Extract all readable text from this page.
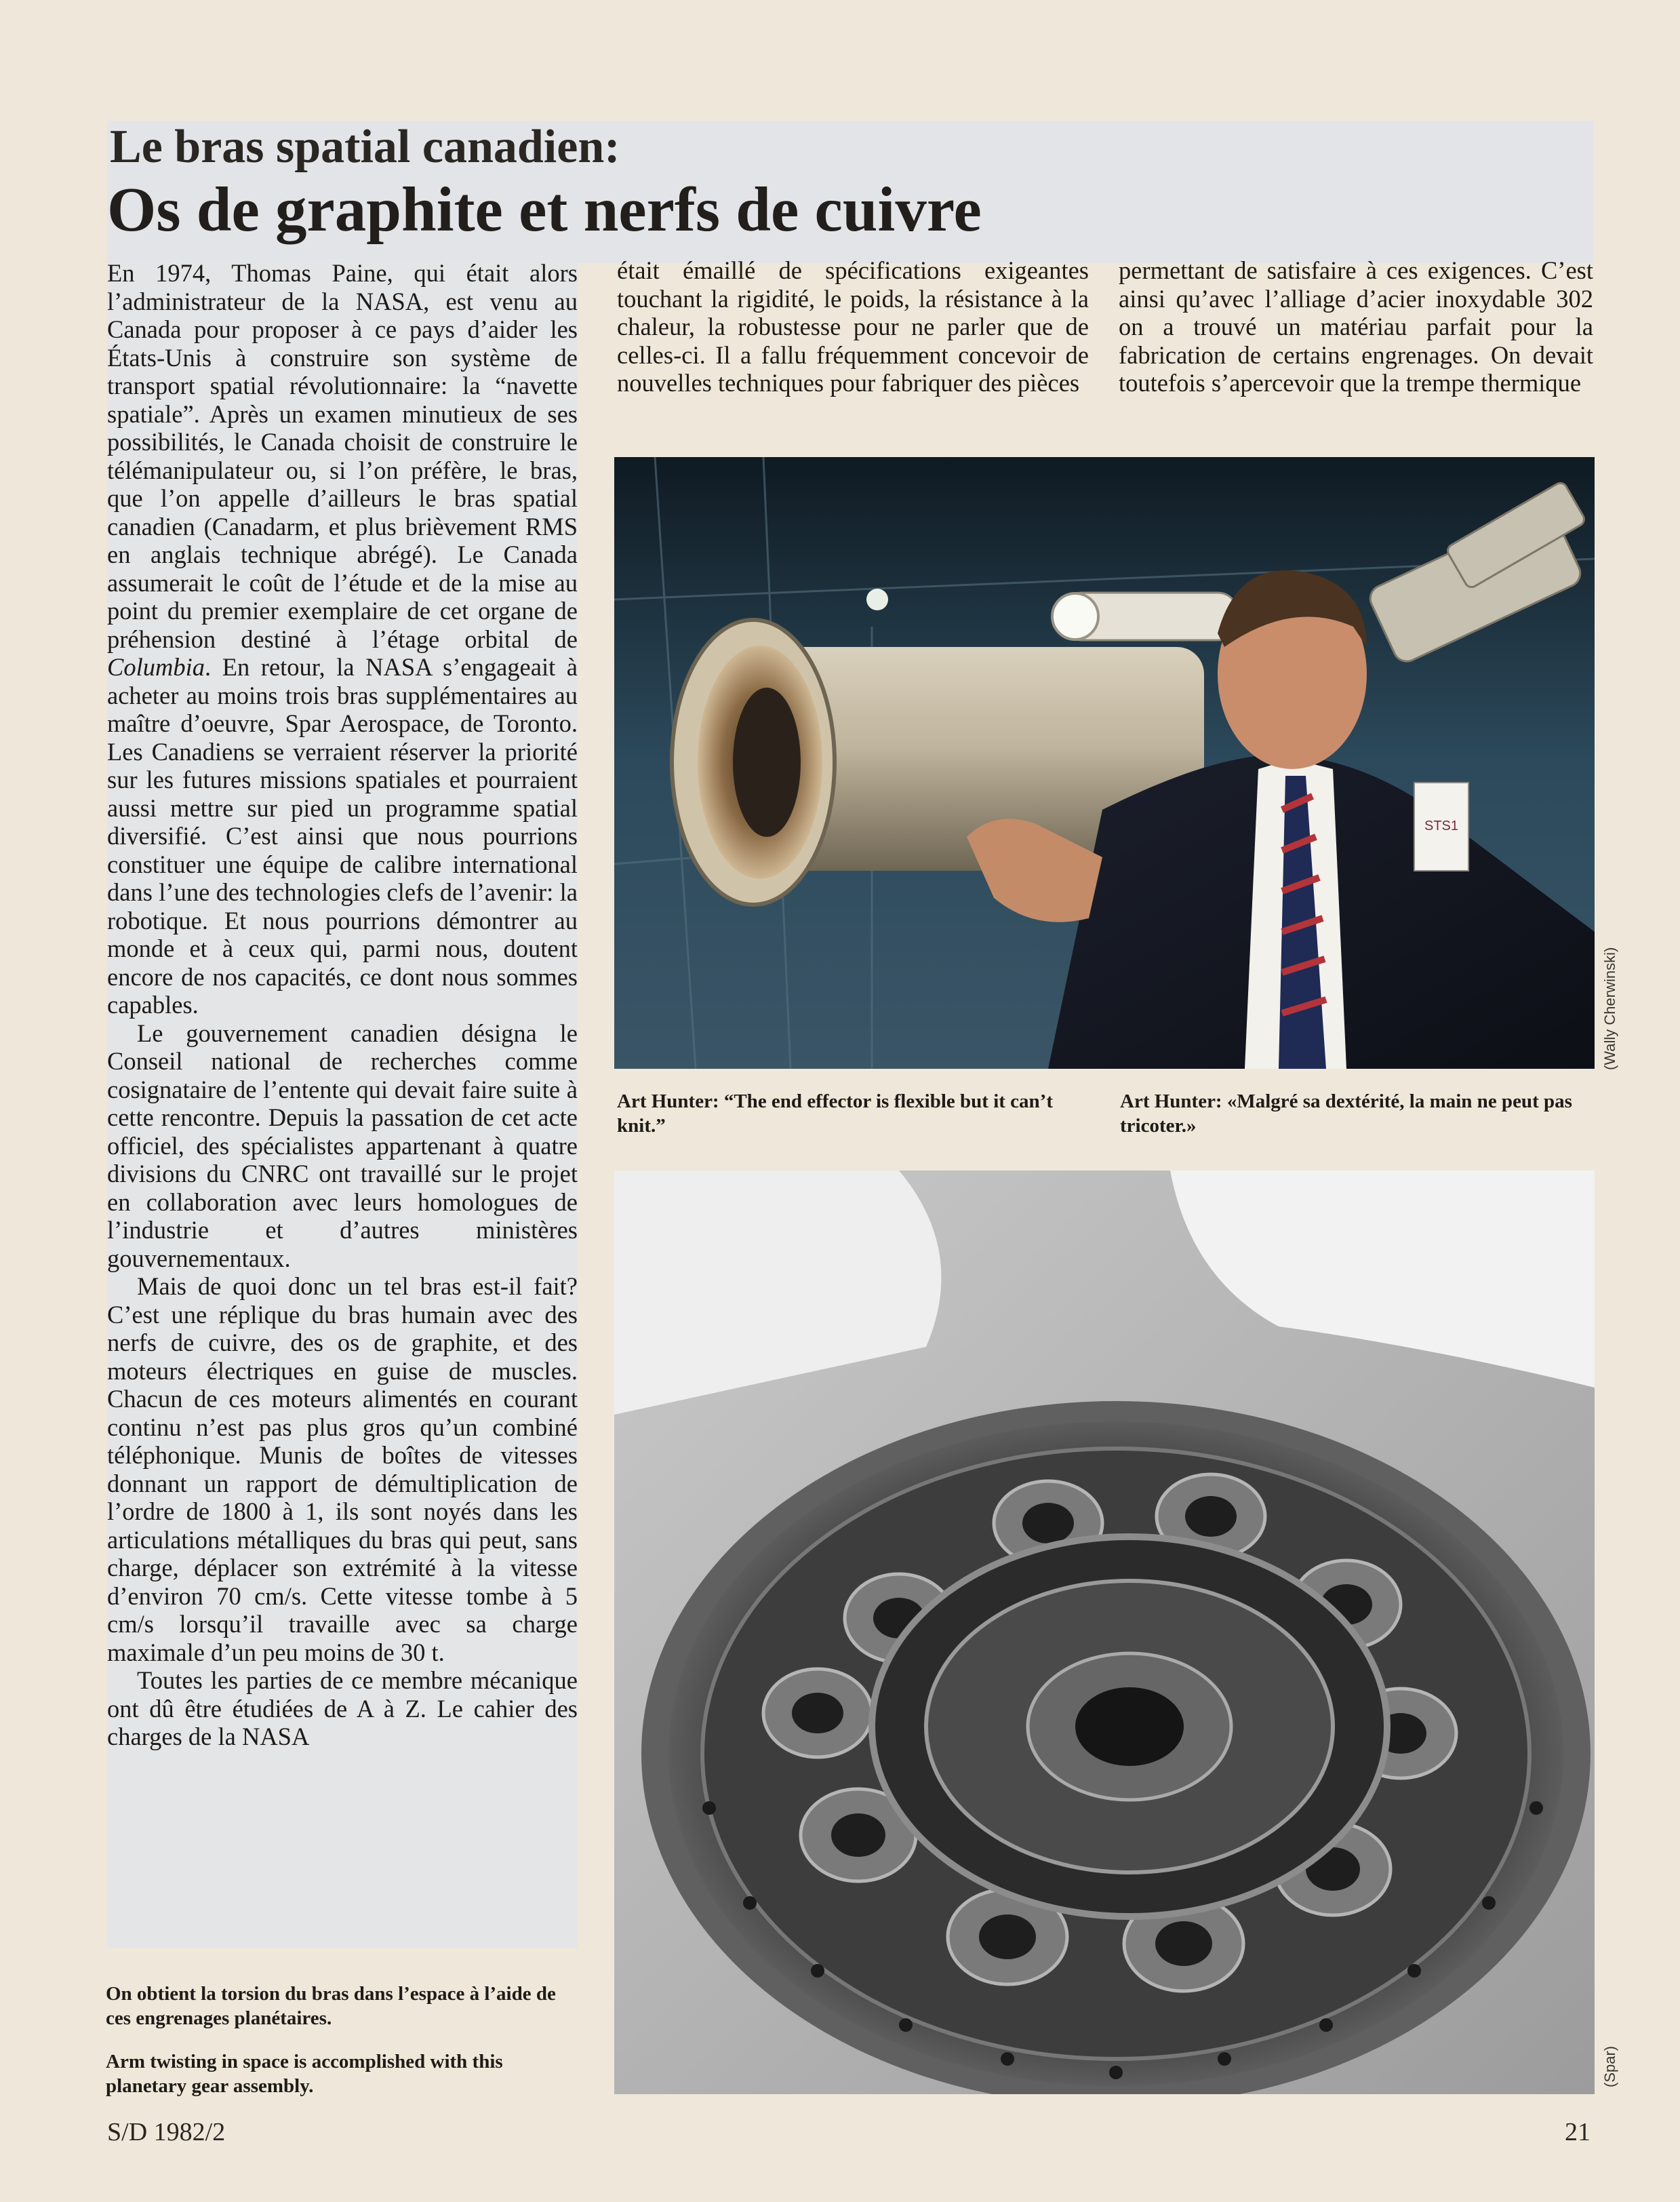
Le bras spatial canadien:
Os de graphite et nerfs de cuivre

En 1974, Thomas Paine, qui était alors l’administrateur de la NASA, est venu au Canada pour proposer à ce pays d’aider les États-Unis à construire son système de transport spatial révolutionnaire: la “navette spatiale”. Après un examen minutieux de ses possibilités, le Canada choisit de construire le télémanipulateur ou, si l’on préfère, le bras, que l’on appelle d’ailleurs le bras spatial canadien (Canadarm, et plus brièvement RMS en anglais technique abrégé). Le Canada assumerait le coût de l’étude et de la mise au point du premier exemplaire de cet organe de préhension destiné à l’étage orbital de Columbia. En retour, la NASA s’engageait à acheter au moins trois bras supplémentaires au maître d’oeuvre, Spar Aerospace, de Toronto. Les Canadiens se verraient réserver la priorité sur les futures missions spatiales et pourraient aussi mettre sur pied un programme spatial diversifié. C’est ainsi que nous pourrions constituer une équipe de calibre international dans l’une des technologies clefs de l’avenir: la robotique. Et nous pourrions démontrer au monde et à ceux qui, parmi nous, doutent encore de nos capacités, ce dont nous sommes capables.

Le gouvernement canadien désigna le Conseil national de recherches comme cosignataire de l’entente qui devait faire suite à cette rencontre. Depuis la passation de cet acte officiel, des spécialistes appartenant à quatre divisions du CNRC ont travaillé sur le projet en collaboration avec leurs homologues de l’industrie et d’autres ministères gouvernementaux.

Mais de quoi donc un tel bras est-il fait? C’est une réplique du bras humain avec des nerfs de cuivre, des os de graphite, et des moteurs électriques en guise de muscles. Chacun de ces moteurs alimentés en courant continu n’est pas plus gros qu’un combiné téléphonique. Munis de boîtes de vitesses donnant un rapport de démultiplication de l’ordre de 1800 à 1, ils sont noyés dans les articulations métalliques du bras qui peut, sans charge, déplacer son extrémité à la vitesse d’environ 70 cm/s. Cette vitesse tombe à 5 cm/s lorsqu’il travaille avec sa charge maximale d’un peu moins de 30 t.

Toutes les parties de ce membre mécanique ont dû être étudiées de A à Z. Le cahier des charges de la NASA

était émaillé de spécifications exigeantes touchant la rigidité, le poids, la résistance à la chaleur, la robustesse pour ne parler que de celles-ci. Il a fallu fréquemment concevoir de nouvelles techniques pour fabriquer des pièces

permettant de satisfaire à ces exigences. C’est ainsi qu’avec l’alliage d’acier inoxydable 302 on a trouvé un matériau parfait pour la fabrication de certains engrenages. On devait toutefois s’apercevoir que la trempe thermique

STS1
Art Hunter: “The end effector is flexible but it can’t knit.”
Art Hunter: «Malgré sa dextérité, la main ne peut pas tricoter.»
(Wally Cherwinski)
On obtient la torsion du bras dans l’espace à l’aide de ces engrenages planétaires.
Arm twisting in space is accomplished with this planetary gear assembly.	(Spar)
S/D 1982/2	21
